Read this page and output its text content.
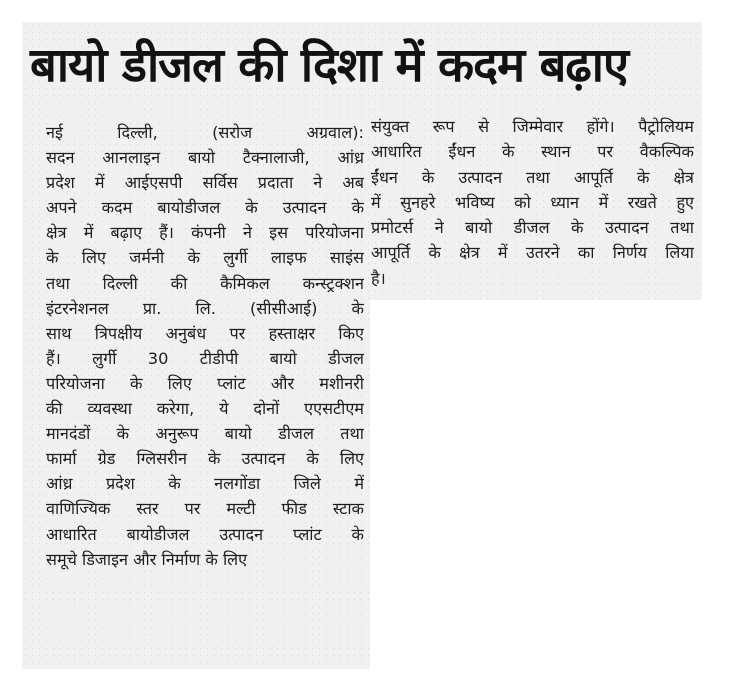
बायो डीजल की दिशा में कदम बढ़ाए
नई दिल्ली, (सरोज अग्रवाल):
सदन आनलाइन बायो टैक्नालाजी, आंध्र
प्रदेश में आईएसपी सर्विस प्रदाता ने अब
अपने कदम बायोडीजल के उत्पादन के
क्षेत्र में बढ़ाए हैं। कंपनी ने इस परियोजना
के लिए जर्मनी के लुर्गी लाइफ साइंस
तथा दिल्ली की कैमिकल कन्स्ट्रक्शन
इंटरनेशनल प्रा. लि. (सीसीआई) के
साथ त्रिपक्षीय अनुबंध पर हस्ताक्षर किए
हैं। लुर्गी 30 टीडीपी बायो डीजल
परियोजना के लिए प्लांट और मशीनरी
की व्यवस्था करेगा, ये दोनों एएसटीएम
मानदंडों के अनुरूप बायो डीजल तथा
फार्मा ग्रेड ग्लिसरीन के उत्पादन के लिए
आंध्र प्रदेश के नलगोंडा जिले में
वाणिज्यिक स्तर पर मल्टी फीड स्टाक
आधारित बायोडीजल उत्पादन प्लांट के
समूचे डिजाइन और निर्माण के लिए
संयुक्त रूप से जिम्मेवार होंगे। पैट्रोलियम
आधारित ईंधन के स्थान पर वैकल्पिक
ईंधन के उत्पादन तथा आपूर्ति के क्षेत्र
में सुनहरे भविष्य को ध्यान में रखते हुए
प्रमोटर्स ने बायो डीजल के उत्पादन तथा
आपूर्ति के क्षेत्र में उतरने का निर्णय लिया
है।
